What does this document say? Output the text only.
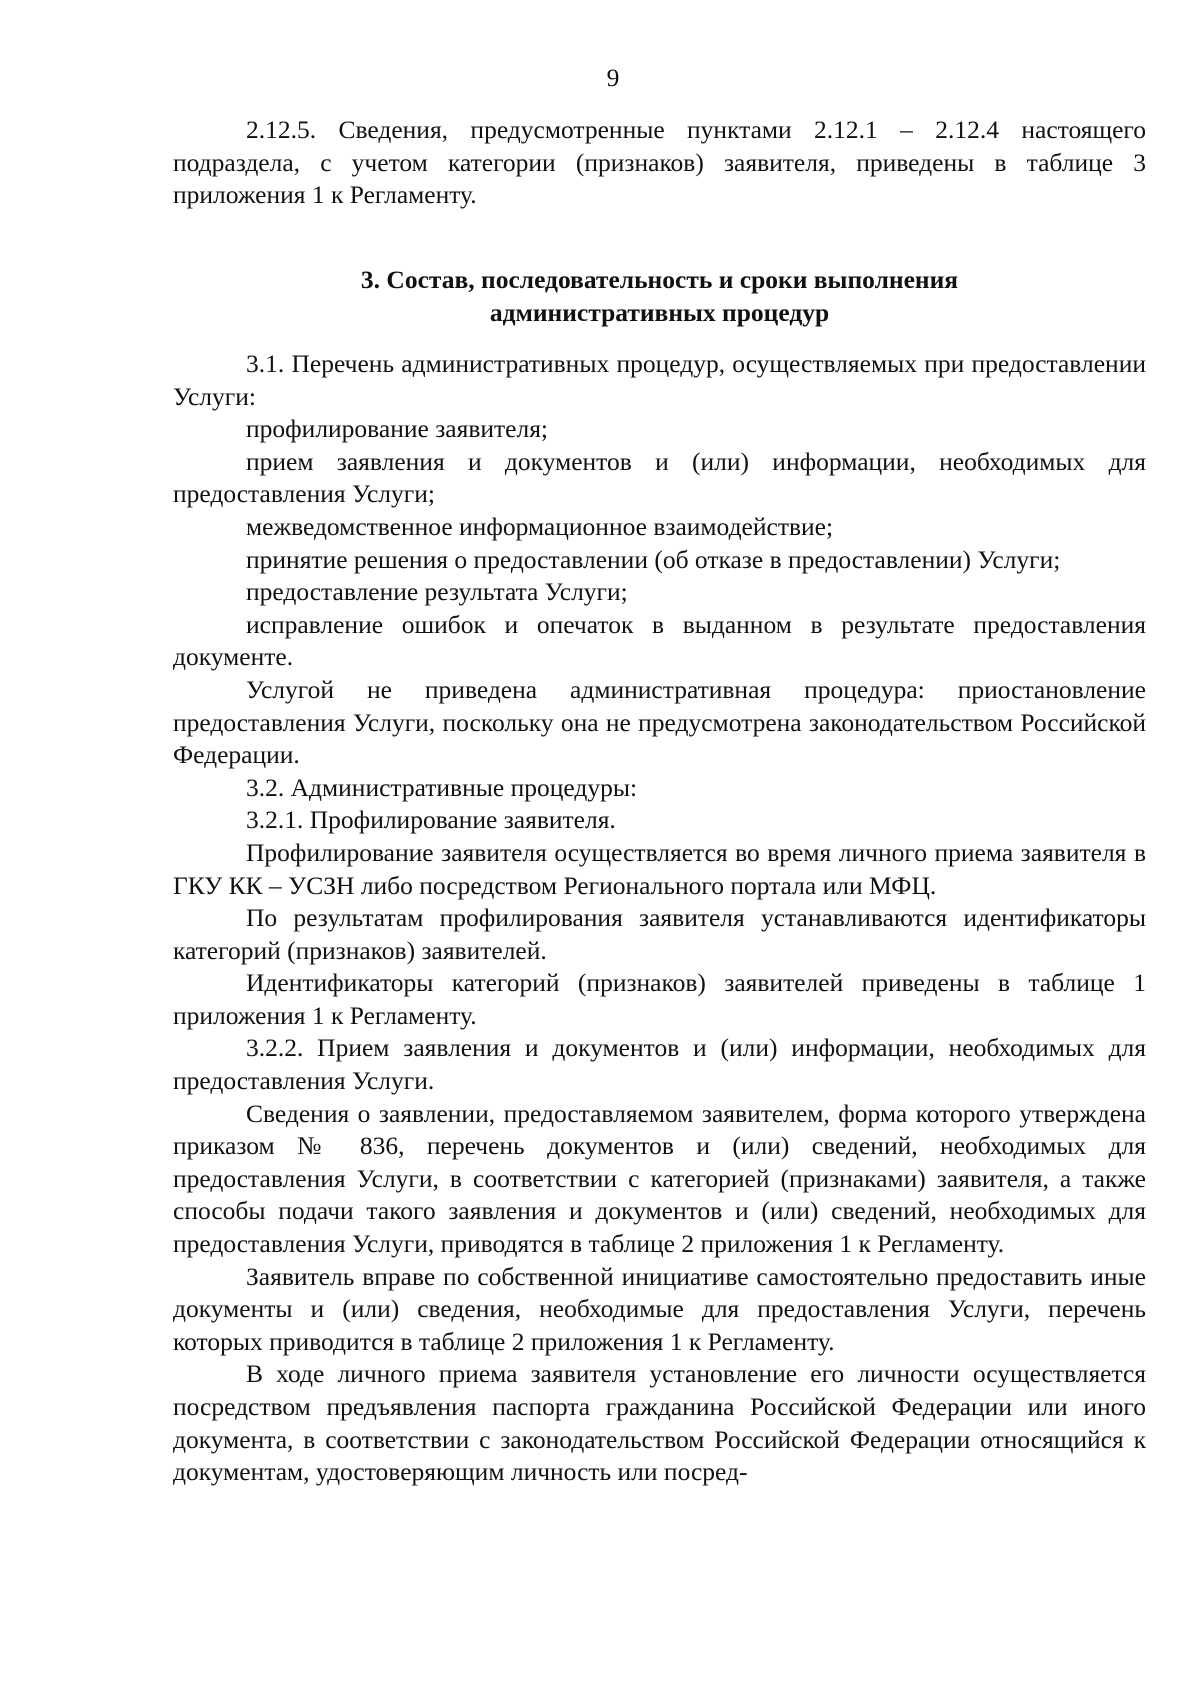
9

2.12.5. Сведения, предусмотренные пунктами 2.12.1 – 2.12.4 настоящего подраздела, с учетом категории (признаков) заявителя, приведены в таблице 3 приложения 1 к Регламенту.

3. Состав, последовательность и сроки выполнения
административных процедур

3.1. Перечень административных процедур, осуществляемых при предоставлении Услуги:

профилирование заявителя;

прием заявления и документов и (или) информации, необходимых для предоставления Услуги;

межведомственное информационное взаимодействие;

принятие решения о предоставлении (об отказе в предоставлении) Услуги;

предоставление результата Услуги;

исправление ошибок и опечаток в выданном в результате предоставления документе.

Услугой не приведена административная процедура: приостановление предоставления Услуги, поскольку она не предусмотрена законодательством Российской Федерации.

3.2. Административные процедуры:

3.2.1. Профилирование заявителя.

Профилирование заявителя осуществляется во время личного приема заявителя в ГКУ КК – УСЗН либо посредством Регионального портала или МФЦ.

По результатам профилирования заявителя устанавливаются идентификаторы категорий (признаков) заявителей.

Идентификаторы категорий (признаков) заявителей приведены в таблице 1 приложения 1 к Регламенту.

3.2.2. Прием заявления и документов и (или) информации, необходимых для предоставления Услуги.

Сведения о заявлении, предоставляемом заявителем, форма которого утверждена приказом № 836, перечень документов и (или) сведений, необходимых для предоставления Услуги, в соответствии с категорией (признаками) заявителя, а также способы подачи такого заявления и документов и (или) сведений, необходимых для предоставления Услуги, приводятся в таблице 2 приложения 1 к Регламенту.

Заявитель вправе по собственной инициативе самостоятельно предоставить иные документы и (или) сведения, необходимые для предоставления Услуги, перечень которых приводится в таблице 2 приложения 1 к Регламенту.

В ходе личного приема заявителя установление его личности осуществляется посредством предъявления паспорта гражданина Российской Федерации или иного документа, в соответствии с законодательством Российской Федерации относящийся к документам, удостоверяющим личность или посред-
